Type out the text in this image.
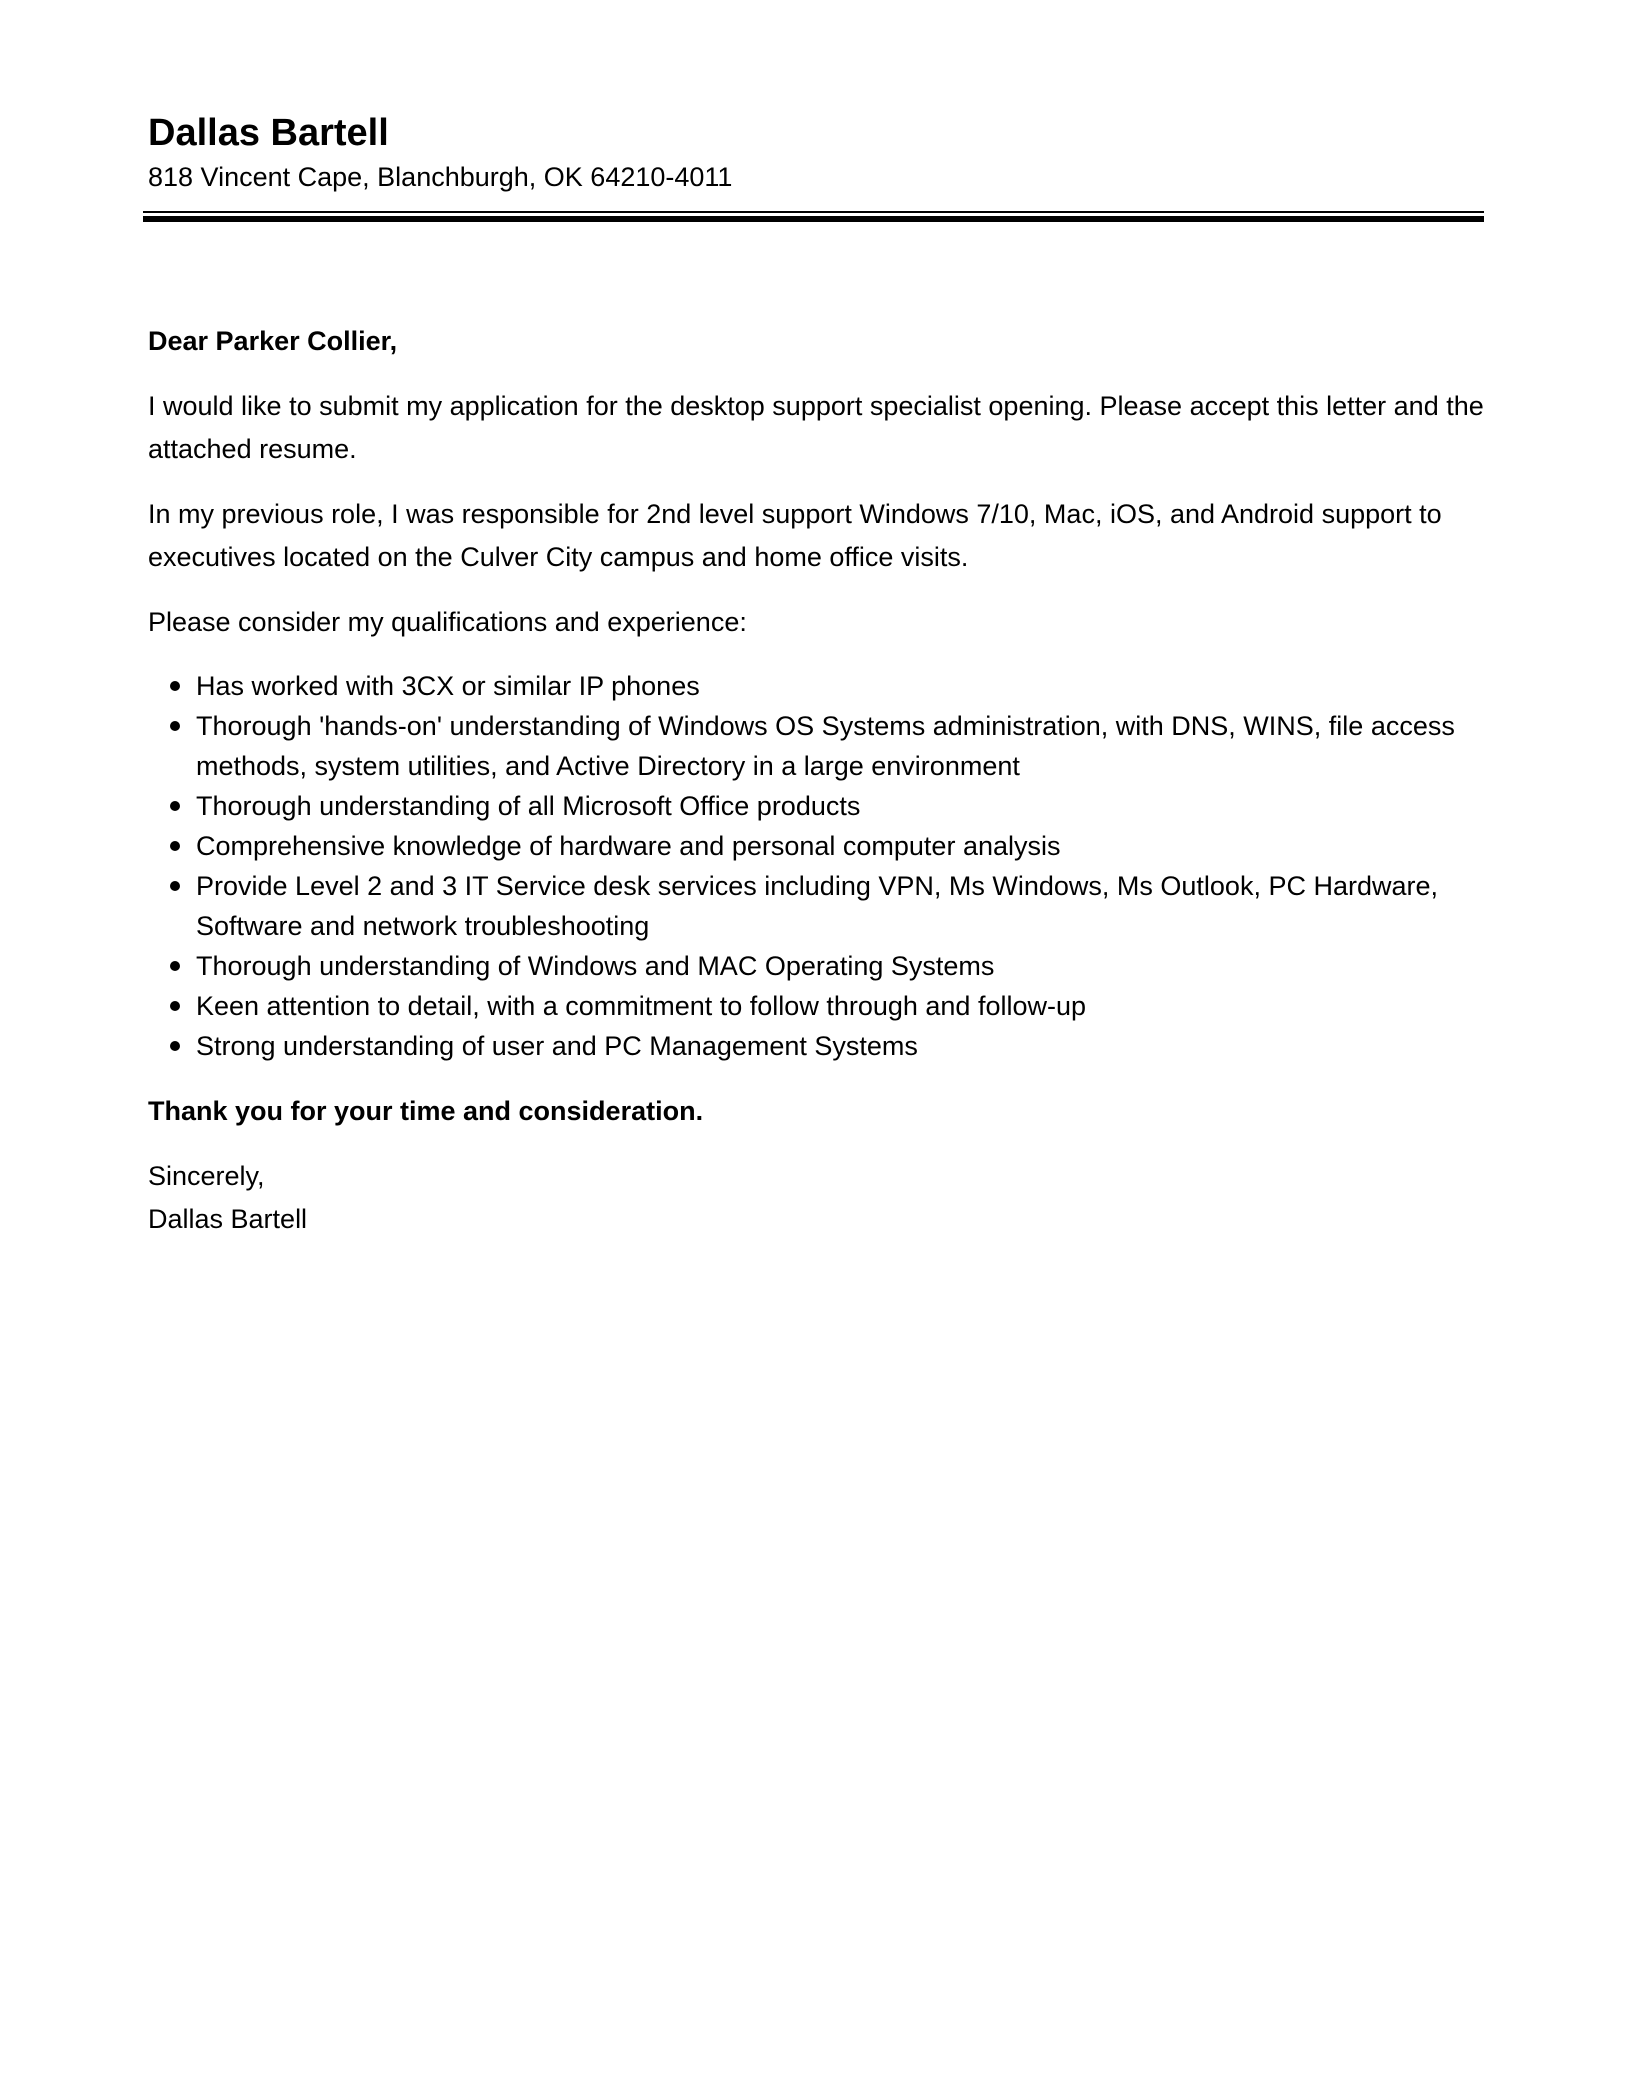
Dallas Bartell

818 Vincent Cape, Blanchburgh, OK 64210-4011

Dear Parker Collier,

I would like to submit my application for the desktop support specialist opening. Please accept this letter and the attached resume.

In my previous role, I was responsible for 2nd level support Windows 7/10, Mac, iOS, and Android support to executives located on the Culver City campus and home office visits.

Please consider my qualifications and experience:

Has worked with 3CX or similar IP phones
Thorough 'hands-on' understanding of Windows OS Systems administration, with DNS, WINS, file access methods, system utilities, and Active Directory in a large environment
Thorough understanding of all Microsoft Office products
Comprehensive knowledge of hardware and personal computer analysis
Provide Level 2 and 3 IT Service desk services including VPN, Ms Windows, Ms Outlook, PC Hardware, Software and network troubleshooting
Thorough understanding of Windows and MAC Operating Systems
Keen attention to detail, with a commitment to follow through and follow-up
Strong understanding of user and PC Management Systems

Thank you for your time and consideration.

Sincerely,

Dallas Bartell
